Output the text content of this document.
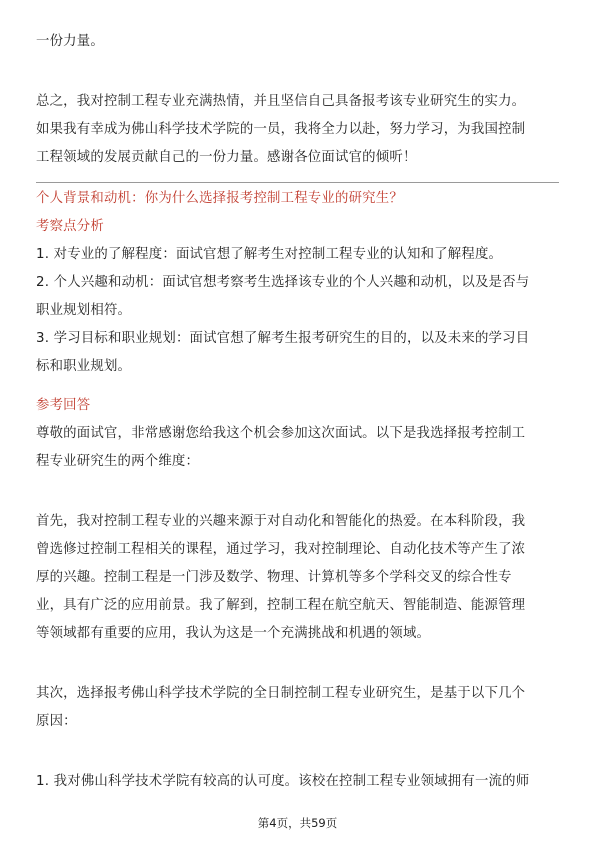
一份力量。
总之，我对控制工程专业充满热情，并且坚信自己具备报考该专业研究生的实力。
如果我有幸成为佛山科学技术学院的一员，我将全力以赴，努力学习，为我国控制
工程领域的发展贡献自己的一份力量。感谢各位面试官的倾听！
个人背景和动机：你为什么选择报考控制工程专业的研究生？
考察点分析
1. 对专业的了解程度：面试官想了解考生对控制工程专业的认知和了解程度。
2. 个人兴趣和动机：面试官想考察考生选择该专业的个人兴趣和动机，以及是否与
职业规划相符。
3. 学习目标和职业规划：面试官想了解考生报考研究生的目的，以及未来的学习目
标和职业规划。
参考回答
尊敬的面试官，非常感谢您给我这个机会参加这次面试。以下是我选择报考控制工
程专业研究生的两个维度：
首先，我对控制工程专业的兴趣来源于对自动化和智能化的热爱。在本科阶段，我
曾选修过控制工程相关的课程，通过学习，我对控制理论、自动化技术等产生了浓
厚的兴趣。控制工程是一门涉及数学、物理、计算机等多个学科交叉的综合性专
业，具有广泛的应用前景。我了解到，控制工程在航空航天、智能制造、能源管理
等领域都有重要的应用，我认为这是一个充满挑战和机遇的领域。
其次，选择报考佛山科学技术学院的全日制控制工程专业研究生，是基于以下几个
原因：
1. 我对佛山科学技术学院有较高的认可度。该校在控制工程专业领域拥有一流的师
第4页，共59页
